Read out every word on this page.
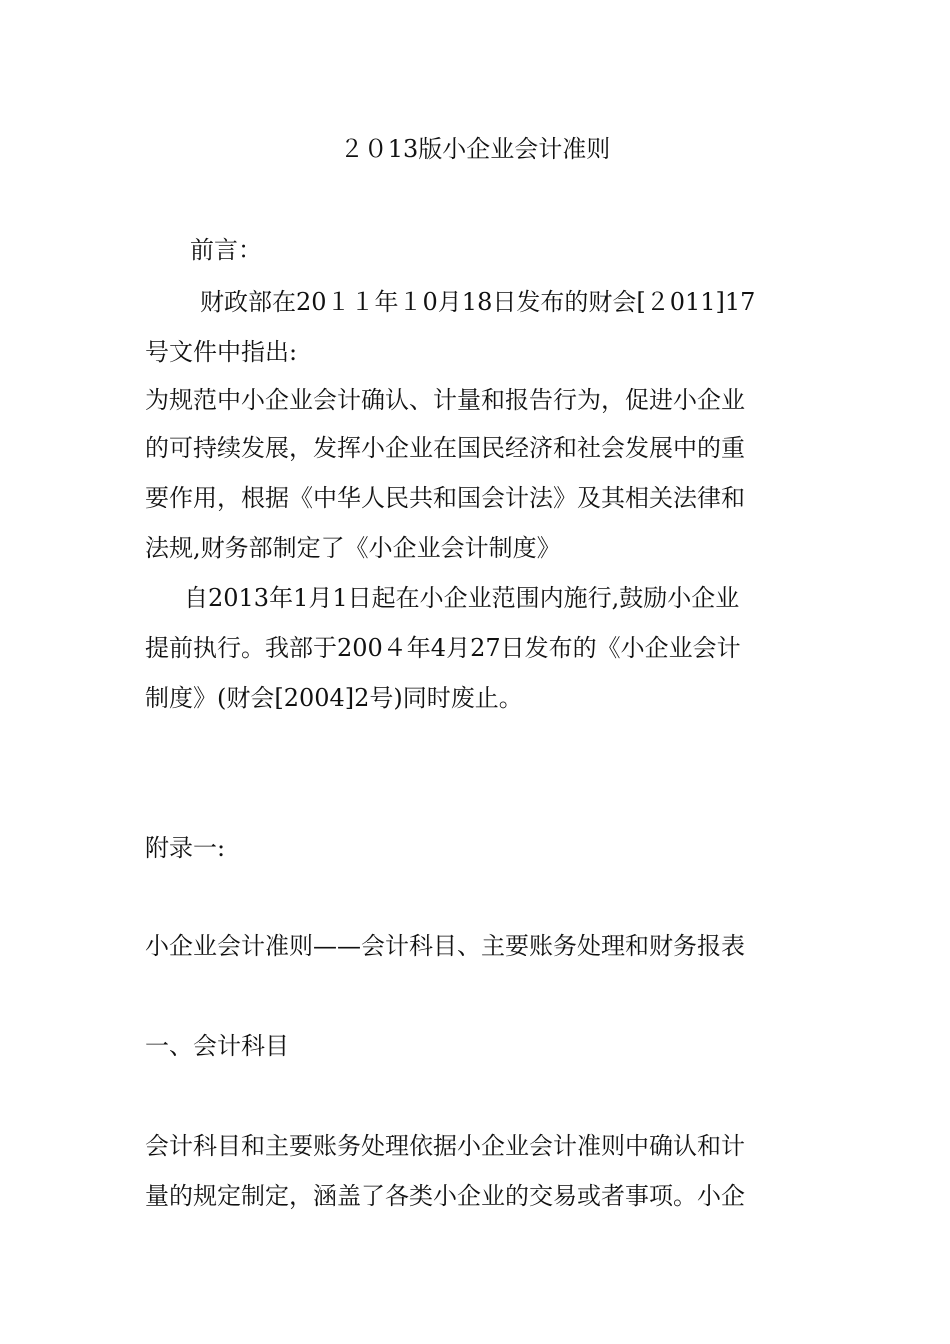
２０13版小企业会计准则
前言：
财政部在20１１年１0月18日发布的财会[２011]17
号文件中指出:
为规范中小企业会计确认、计量和报告行为，促进小企业
的可持续发展，发挥小企业在国民经济和社会发展中的重
要作用，根据《中华人民共和国会计法》及其相关法律和
法规,财务部制定了《小企业会计制度》
自2013年1月1日起在小企业范围内施行,鼓励小企业
提前执行。我部于200４年4月27日发布的《小企业会计
制度》(财会[2004]2号)同时废止。
附录一:
小企业会计准则——会计科目、主要账务处理和财务报表
一、会计科目
会计科目和主要账务处理依据小企业会计准则中确认和计
量的规定制定，涵盖了各类小企业的交易或者事项。小企
